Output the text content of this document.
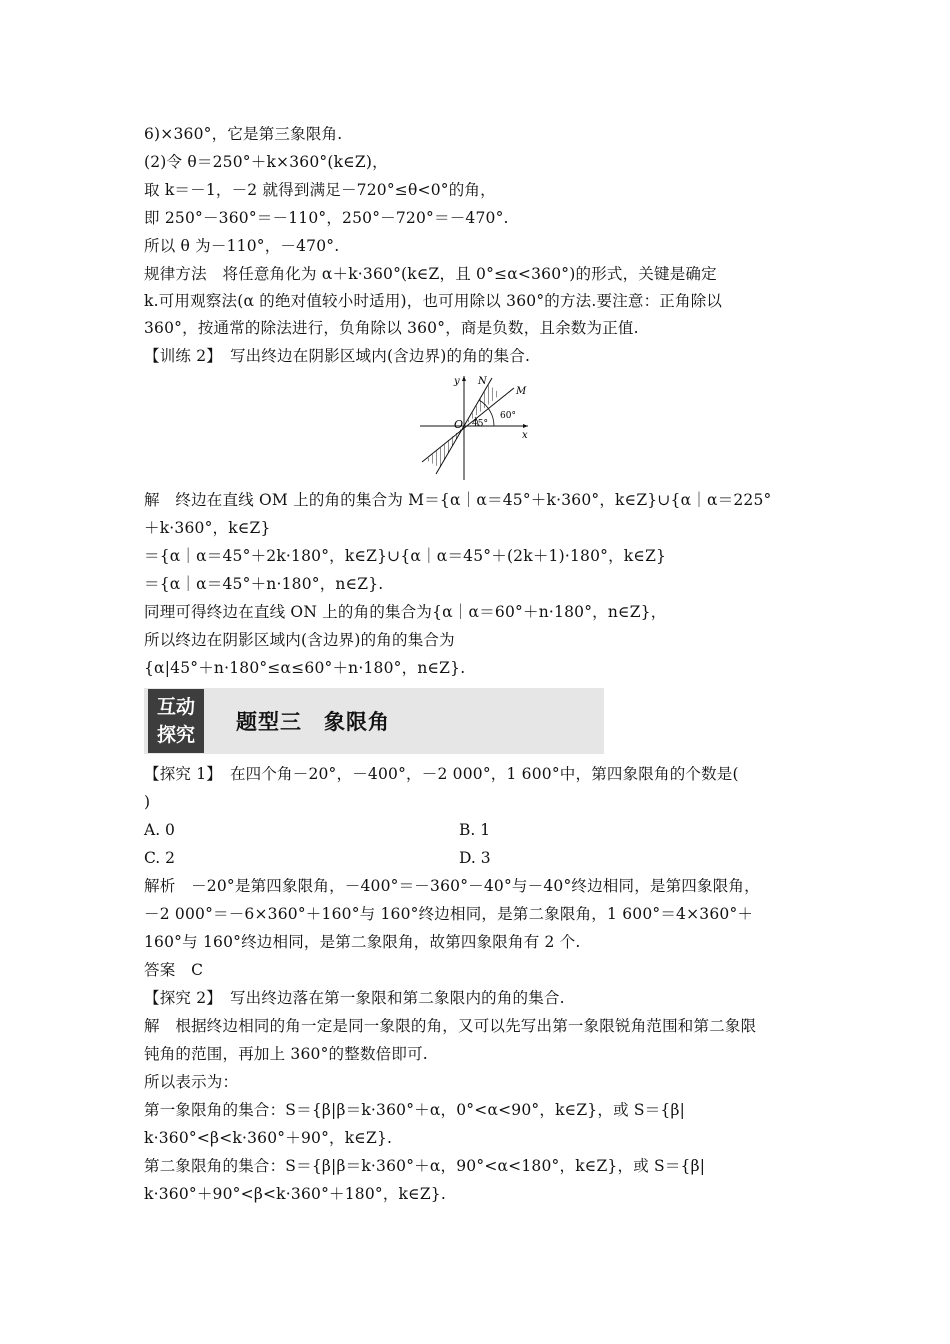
6)×360°，它是第三象限角.
(2)令 θ＝250°＋k×360°(k∈Z)，
取 k＝－1，－2 就得到满足－720°≤θ<0°的角，
即 250°－360°＝－110°，250°－720°＝－470°.
所以 θ 为－110°，－470°.
规律方法　将任意角化为 α＋k·360°(k∈Z，且 0°≤α<360°)的形式，关键是确定
k.可用观察法(α 的绝对值较小时适用)，也可用除以 360°的方法.要注意：正角除以
360°，按通常的除法进行，负角除以 360°，商是负数，且余数为正值.
【训练 2】　写出终边在阴影区域内(含边界)的角的集合.
y
x
N
M
O 45°
60°
解　终边在直线 OM 上的角的集合为 M＝{α｜α＝45°＋k·360°，k∈Z}∪{α｜α＝225°
＋k·360°，k∈Z}
＝{α｜α＝45°＋2k·180°，k∈Z}∪{α｜α＝45°＋(2k＋1)·180°，k∈Z}
＝{α｜α＝45°＋n·180°，n∈Z}.
同理可得终边在直线 ON 上的角的集合为{α｜α＝60°＋n·180°，n∈Z}，
所以终边在阴影区域内(含边界)的角的集合为
{α|45°＋n·180°≤α≤60°＋n·180°，n∈Z}.
互动
探究
题型三　象限角
【探究 1】　在四个角－20°，－400°，－2 000°，1 600°中，第四象限角的个数是(
)
A. 0	B. 1
C. 2	D. 3
解析　－20°是第四象限角，－400°＝－360°－40°与－40°终边相同，是第四象限角，
－2 000°＝－6×360°＋160°与 160°终边相同，是第二象限角，1 600°＝4×360°＋
160°与 160°终边相同，是第二象限角，故第四象限角有 2 个.
答案　C
【探究 2】　写出终边落在第一象限和第二象限内的角的集合.
解　根据终边相同的角一定是同一象限的角，又可以先写出第一象限锐角范围和第二象限
钝角的范围，再加上 360°的整数倍即可.
所以表示为：
第一象限角的集合：S＝{β|β＝k·360°＋α，0°<α<90°，k∈Z}，或 S＝{β|
k·360°<β<k·360°＋90°，k∈Z}.
第二象限角的集合：S＝{β|β＝k·360°＋α，90°<α<180°，k∈Z}，或 S＝{β|
k·360°＋90°<β<k·360°＋180°，k∈Z}.
